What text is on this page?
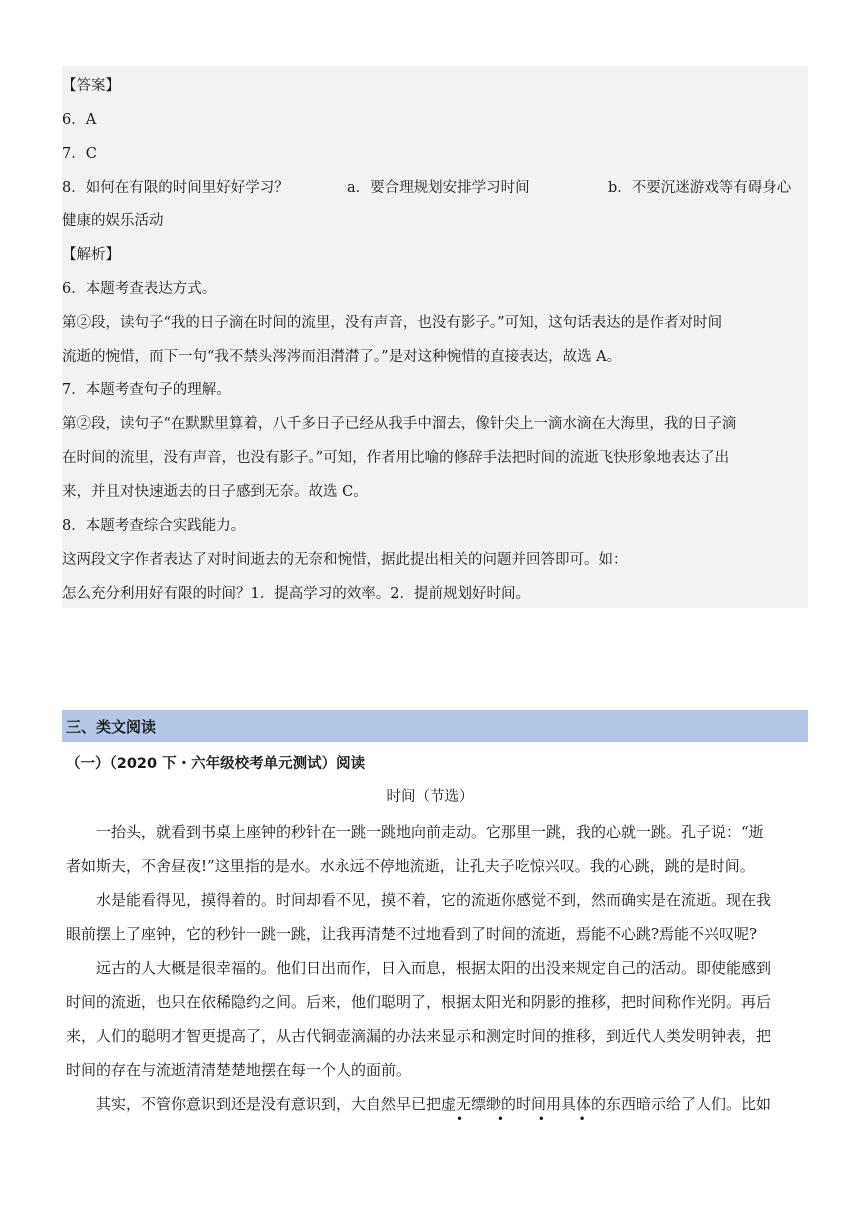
【答案】
6．A
7．C
8．如何在有限的时间里好好学习？	a．要合理规划安排学习时间	b．不要沉迷游戏等有碍身心
健康的娱乐活动
【解析】
6．本题考查表达方式。
第②段，读句子“我的日子滴在时间的流里，没有声音，也没有影子。”可知，这句话表达的是作者对时间
流逝的惋惜，而下一句“我不禁头涔涔而泪潸潸了。”是对这种惋惜的直接表达，故选 A。
7．本题考查句子的理解。
第②段，读句子“在默默里算着，八千多日子已经从我手中溜去，像针尖上一滴水滴在大海里，我的日子滴
在时间的流里，没有声音，也没有影子。”可知，作者用比喻的修辞手法把时间的流逝飞快形象地表达了出
来，并且对快速逝去的日子感到无奈。故选 C。
8．本题考查综合实践能力。
这两段文字作者表达了对时间逝去的无奈和惋惜，据此提出相关的问题并回答即可。如：
怎么充分利用好有限的时间？1．提高学习的效率。2．提前规划好时间。
三、类文阅读
（一）（2020 下・六年级校考单元测试）阅读
时间（节选）
一抬头，就看到书桌上座钟的秒针在一跳一跳地向前走动。它那里一跳，我的心就一跳。孔子说：“逝
者如斯夫，不舍昼夜!”这里指的是水。水永远不停地流逝，让孔夫子吃惊兴叹。我的心跳，跳的是时间。
水是能看得见，摸得着的。时间却看不见，摸不着，它的流逝你感觉不到，然而确实是在流逝。现在我
眼前摆上了座钟，它的秒针一跳一跳，让我再清楚不过地看到了时间的流逝，焉能不心跳?焉能不兴叹呢?
远古的人大概是很幸福的。他们日出而作，日入而息，根据太阳的出没来规定自己的活动。即使能感到
时间的流逝，也只在依稀隐约之间。后来，他们聪明了，根据太阳光和阴影的推移，把时间称作光阴。再后
来，人们的聪明才智更提高了，从古代铜壶滴漏的办法来显示和测定时间的推移，到近代人类发明钟表，把
时间的存在与流逝清清楚楚地摆在每一个人的面前。
其实，不管你意识到还是没有意识到，大自然早已把虚无缥缈的时间用具体的东西暗示给了人们。比如
• • • •
